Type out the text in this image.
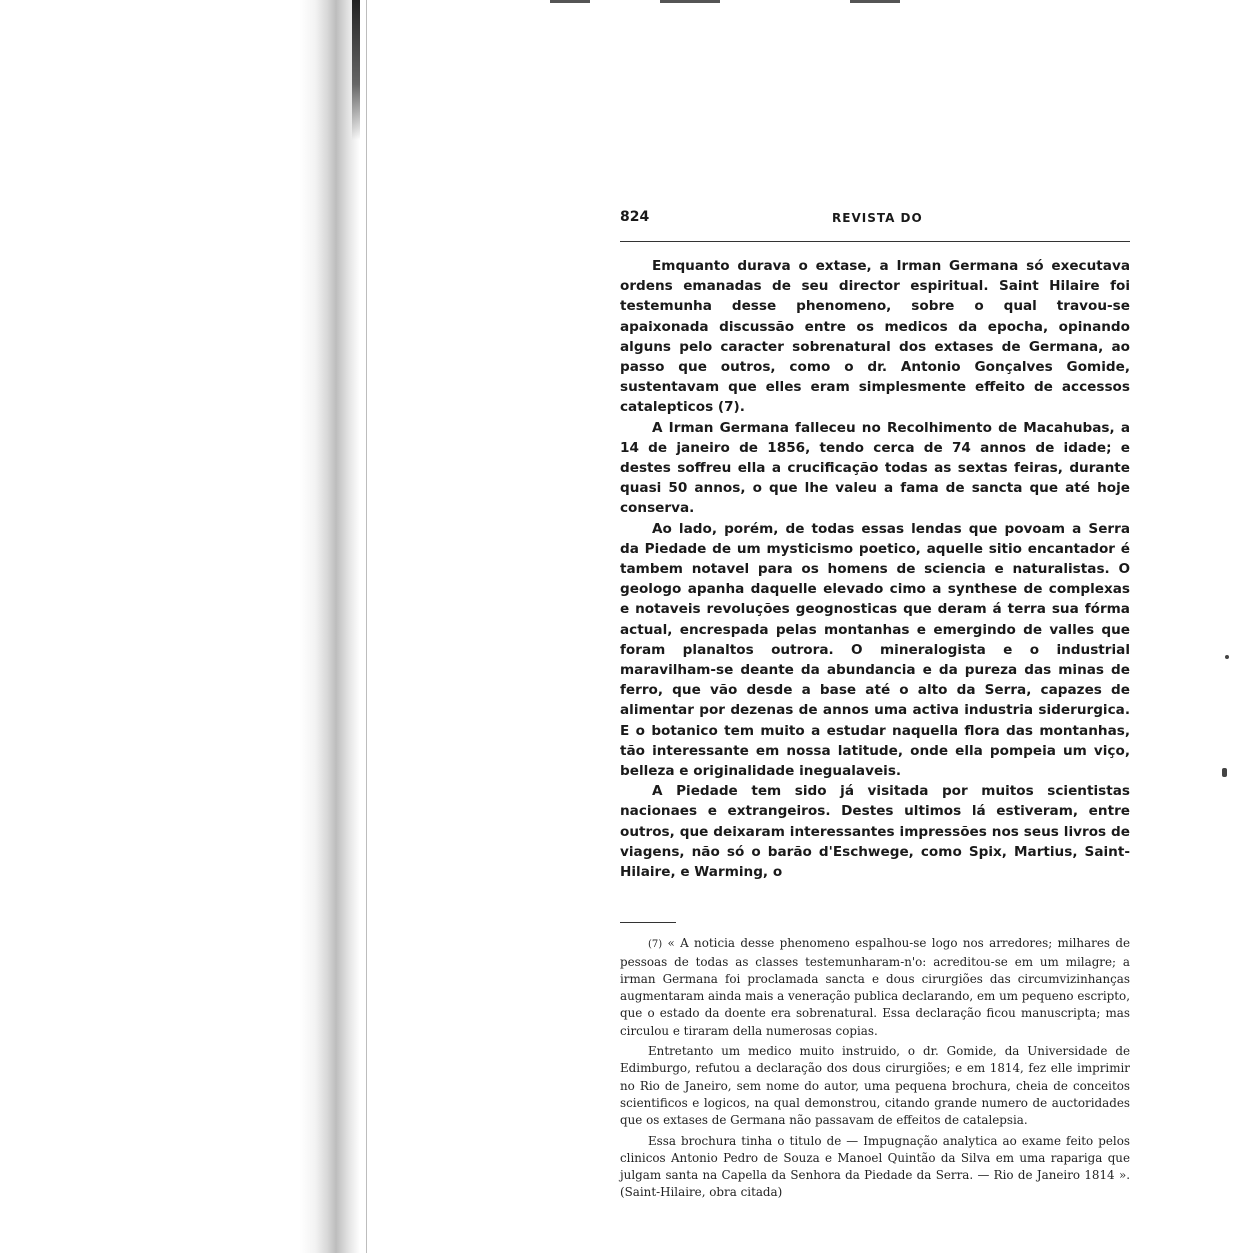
824	REVISTA DO

Emquanto durava o extase, a Irman Germana só executava ordens emanadas de seu director espiritual. Saint Hilaire foi testemunha desse phenomeno, sobre o qual travou-se apaixonada discussão entre os medicos da epocha, opinando alguns pelo caracter sobrenatural dos extases de Germana, ao passo que outros, como o dr. Antonio Gonçalves Gomide, sustentavam que elles eram simplesmente effeito de accessos catalepticos (7).

A Irman Germana falleceu no Recolhimento de Macahubas, a 14 de janeiro de 1856, tendo cerca de 74 annos de idade; e destes soffreu ella a crucificação todas as sextas feiras, durante quasi 50 annos, o que lhe valeu a fama de sancta que até hoje conserva.

Ao lado, porém, de todas essas lendas que povoam a Serra da Piedade de um mysticismo poetico, aquelle sitio encantador é tambem notavel para os homens de sciencia e naturalistas. O geologo apanha daquelle elevado cimo a synthese de complexas e notaveis revoluções geognosticas que deram á terra sua fórma actual, encrespada pelas montanhas e emergindo de valles que foram planaltos outrora. O mineralogista e o industrial maravilham-se deante da abundancia e da pureza das minas de ferro, que vão desde a base até o alto da Serra, capazes de alimentar por dezenas de annos uma activa industria siderurgica. E o botanico tem muito a estudar naquella flora das montanhas, tão interessante em nossa latitude, onde ella pompeia um viço, belleza e originalidade inegualaveis.

A Piedade tem sido já visitada por muitos scientistas nacionaes e extrangeiros. Destes ultimos lá estiveram, entre outros, que deixaram interessantes impressões nos seus livros de viagens, não só o barão d'Eschwege, como Spix, Martius, Saint-Hilaire, e Warming, o

(7) « A noticia desse phenomeno espalhou-se logo nos arredores; milhares de pessoas de todas as classes testemunharam-n'o: acreditou-se em um milagre; a irman Germana foi proclamada sancta e dous cirurgiões das circumvizinhanças augmentaram ainda mais a veneração publica declarando, em um pequeno escripto, que o estado da doente era sobrenatural. Essa declaração ficou manuscripta; mas circulou e tiraram della numerosas copias.

Entretanto um medico muito instruido, o dr. Gomide, da Universidade de Edimburgo, refutou a declaração dos dous cirurgiões; e em 1814, fez elle imprimir no Rio de Janeiro, sem nome do autor, uma pequena brochura, cheia de conceitos scientificos e logicos, na qual demonstrou, citando grande numero de auctoridades que os extases de Germana não passavam de effeitos de catalepsia.

Essa brochura tinha o titulo de — Impugnação analytica ao exame feito pelos clinicos Antonio Pedro de Souza e Manoel Quintão da Silva em uma rapariga que julgam santa na Capella da Senhora da Piedade da Serra. — Rio de Janeiro 1814 ». (Saint-Hilaire, obra citada)
